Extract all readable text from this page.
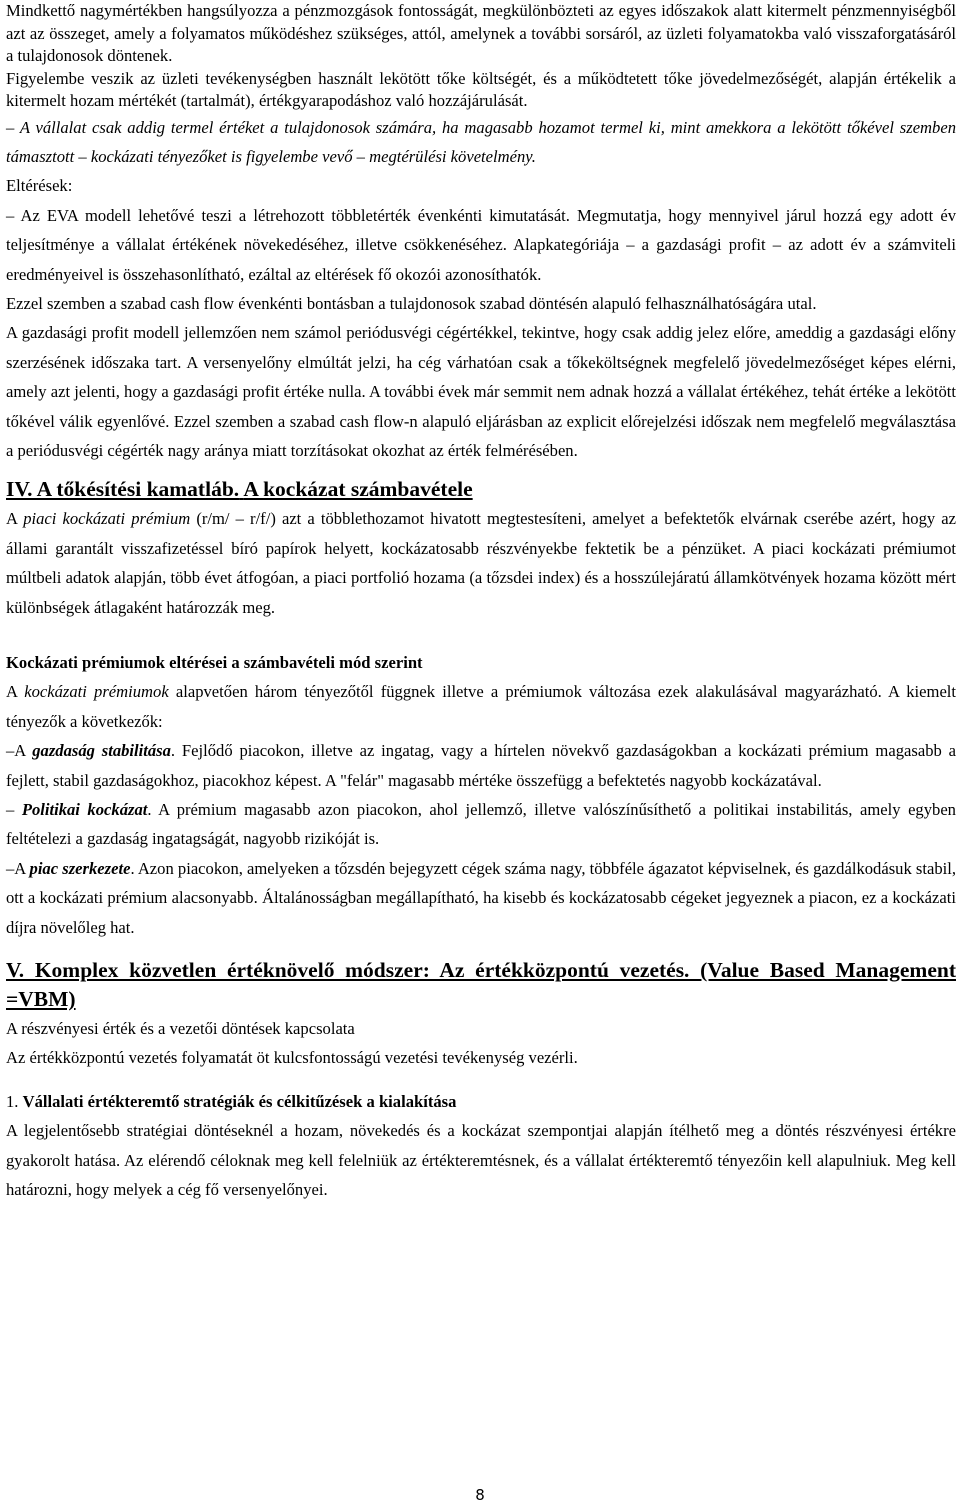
Mindkettő nagymértékben hangsúlyozza a pénzmozgások fontosságát, megkülönbözteti az egyes időszakok alatt kitermelt pénzmennyiségből azt az összeget, amely a folyamatos működéshez szükséges, attól, amelynek a további sorsáról, az üzleti folyamatokba való visszaforgatásáról a tulajdonosok döntenek.

Figyelembe veszik az üzleti tevékenységben használt lekötött tőke költségét, és a működtetett tőke jövedelmezőségét, alapján értékelik a kitermelt hozam mértékét (tartalmát), értékgyarapodáshoz való hozzájárulását.

– A vállalat csak addig termel értéket a tulajdonosok számára, ha magasabb hozamot termel ki, mint amekkora a lekötött tőkével szemben támasztott – kockázati tényezőket is figyelembe vevő – megtérülési követelmény.

Eltérések:

– Az EVA modell lehetővé teszi a létrehozott többletérték évenkénti kimutatását. Megmutatja, hogy mennyivel járul hozzá egy adott év teljesítménye a vállalat értékének növekedéséhez, illetve csökkenéséhez. Alapkategóriája – a gazdasági profit – az adott év a számviteli eredményeivel is összehasonlítható, ezáltal az eltérések fő okozói azonosíthatók.

Ezzel szemben a szabad cash flow évenkénti bontásban a tulajdonosok szabad döntésén alapuló felhasználhatóságára utal.

A gazdasági profit modell jellemzően nem számol periódusvégi cégértékkel, tekintve, hogy csak addig jelez előre, ameddig a gazdasági előny szerzésének időszaka tart. A versenyelőny elmúltát jelzi, ha cég várhatóan csak a tőkeköltségnek megfelelő jövedelmezőséget képes elérni, amely azt jelenti, hogy a gazdasági profit értéke nulla. A további évek már semmit nem adnak hozzá a vállalat értékéhez, tehát értéke a lekötött tőkével válik egyenlővé. Ezzel szemben a szabad cash flow-n alapuló eljárásban az explicit előrejelzési időszak nem megfelelő megválasztása a periódusvégi cégérték nagy aránya miatt torzításokat okozhat az érték felmérésében.

IV. A tőkésítési kamatláb. A kockázat számbavétele

A piaci kockázati prémium (r/m/ – r/f/) azt a többlethozamot hivatott megtestesíteni, amelyet a befektetők elvárnak cserébe azért, hogy az állami garantált visszafizetéssel bíró papírok helyett, kockázatosabb részvényekbe fektetik be a pénzüket. A piaci kockázati prémiumot múltbeli adatok alapján, több évet átfogóan, a piaci portfolió hozama (a tőzsdei index) és a hosszúlejáratú államkötvények hozama között mért különbségek átlagaként határozzák meg.

Kockázati prémiumok eltérései a számbavételi mód szerint

A kockázati prémiumok alapvetően három tényezőtől függnek illetve a prémiumok változása ezek alakulásával magyarázható. A kiemelt tényezők a következők:

–A gazdaság stabilitása. Fejlődő piacokon, illetve az ingatag, vagy a hírtelen növekvő gazdaságokban a kockázati prémium magasabb a fejlett, stabil gazdaságokhoz, piacokhoz képest. A "felár" magasabb mértéke összefügg a befektetés nagyobb kockázatával.

– Politikai kockázat. A prémium magasabb azon piacokon, ahol jellemző, illetve valószínűsíthető a politikai instabilitás, amely egyben feltételezi a gazdaság ingatagságát, nagyobb rizikóját is.

–A piac szerkezete. Azon piacokon, amelyeken a tőzsdén bejegyzett cégek száma nagy, többféle ágazatot képviselnek, és gazdálkodásuk stabil, ott a kockázati prémium alacsonyabb. Általánosságban megállapítható, ha kisebb és kockázatosabb cégeket jegyeznek a piacon, ez a kockázati díjra növelőleg hat.

V. Komplex közvetlen értéknövelő módszer: Az értékközpontú vezetés. (Value Based Management =VBM)

A részvényesi érték és a vezetői döntések kapcsolata

Az értékközpontú vezetés folyamatát öt kulcsfontosságú vezetési tevékenység vezérli.

1. Vállalati értékteremtő stratégiák és célkitűzések a kialakítása

A legjelentősebb stratégiai döntéseknél a hozam, növekedés és a kockázat szempontjai alapján ítélhető meg a döntés részvényesi értékre gyakorolt hatása. Az elérendő céloknak meg kell felelniük az értékteremtésnek, és a vállalat értékteremtő tényezőin kell alapulniuk. Meg kell határozni, hogy melyek a cég fő versenyelőnyei.

8
